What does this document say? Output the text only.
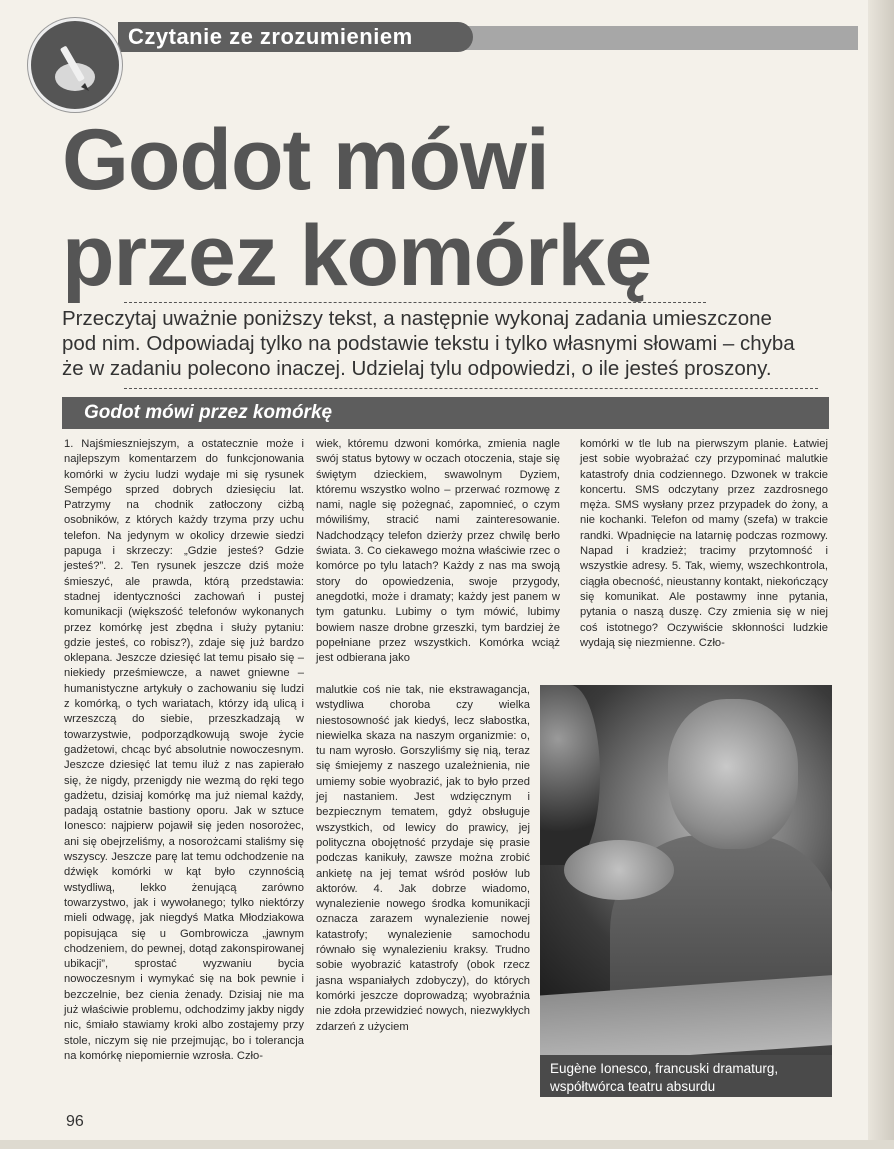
Czytanie ze zrozumieniem
Godot mówi
przez komórkę
Przeczytaj uważnie poniższy tekst, a następnie wykonaj zadania umieszczone pod nim. Odpowiadaj tylko na podstawie tekstu i tylko własnymi słowami – chyba że w zadaniu polecono inaczej. Udzielaj tylu odpowiedzi, o ile jesteś proszony.
Godot mówi przez komórkę
1. Najśmieszniejszym, a ostatecznie może i najlepszym komentarzem do funkcjonowania komórki w życiu ludzi wydaje mi się rysunek Sempégo sprzed dobrych dziesięciu lat. Patrzymy na chodnik zatłoczony ciżbą osobników, z których każdy trzyma przy uchu telefon. Na jedynym w okolicy drzewie siedzi papuga i skrzeczy: „Gdzie jesteś? Gdzie jesteś?”. 2. Ten rysunek jeszcze dziś może śmieszyć, ale prawda, którą przedstawia: stadnej identyczności zachowań i pustej komunikacji (większość telefonów wykonanych przez komórkę jest zbędna i służy pytaniu: gdzie jesteś, co robisz?), zdaje się już bardzo oklepana. Jeszcze dziesięć lat temu pisało się – niekiedy prześmiewcze, a nawet gniewne – humanistyczne artykuły o zachowaniu się ludzi z komórką, o tych wariatach, którzy idą ulicą i wrzeszczą do siebie, przeszkadzają w towarzystwie, podporządkowują swoje życie gadżetowi, chcąc być absolutnie nowoczesnym. Jeszcze dziesięć lat temu iluż z nas zapierało się, że nigdy, przenigdy nie wezmą do ręki tego gadżetu, dzisiaj komórkę ma już niemal każdy, padają ostatnie bastiony oporu. Jak w sztuce Ionesco: najpierw pojawił się jeden nosorożec, ani się obejrzeliśmy, a nosorożcami staliśmy się wszyscy. Jeszcze parę lat temu odchodzenie na dźwięk komórki w kąt było czynnością wstydliwą, lekko żenującą zarówno towarzystwo, jak i wywołanego; tylko niektórzy mieli odwagę, jak niegdyś Matka Młodziakowa popisująca się u Gombrowicza „jawnym chodzeniem, do pewnej, dotąd zakonspirowanej ubikacji”, sprostać wyzwaniu bycia nowoczesnym i wymykać się na bok pewnie i bezczelnie, bez cienia żenady. Dzisiaj nie ma już właściwie problemu, odchodzimy jakby nigdy nic, śmiało stawiamy kroki albo zostajemy przy stole, niczym się nie przejmując, bo i tolerancja na komórkę niepomiernie wzrosła. Czło-
wiek, któremu dzwoni komórka, zmienia nagle swój status bytowy w oczach otoczenia, staje się świętym dzieckiem, swawolnym Dyziem, któremu wszystko wolno – przerwać rozmowę z nami, nagle się pożegnać, zapomnieć, o czym mówiliśmy, stracić nami zainteresowanie. Nadchodzący telefon dzierży przez chwilę berło świata. 3. Co ciekawego można właściwie rzec o komórce po tylu latach? Każdy z nas ma swoją story do opowiedzenia, swoje przygody, anegdotki, może i dramaty; każdy jest panem w tym gatunku. Lubimy o tym mówić, lubimy bowiem nasze drobne grzeszki, tym bardziej że popełniane przez wszystkich. Komórka wciąż jest odbierana jako
malutkie coś nie tak, nie ekstrawagancja, wstydliwa choroba czy wielka niestosowność jak kiedyś, lecz słabostka, niewielka skaza na naszym organizmie: o, tu nam wyrosło. Gorszyliśmy się nią, teraz się śmiejemy z naszego uzależnienia, nie umiemy sobie wyobrazić, jak to było przed jej nastaniem. Jest wdzięcznym i bezpiecznym tematem, gdyż obsługuje wszystkich, od lewicy do prawicy, jej polityczna obojętność przydaje się prasie podczas kanikuły, zawsze można zrobić ankietę na jej temat wśród posłów lub aktorów. 4. Jak dobrze wiadomo, wynalezienie nowego środka komunikacji oznacza zarazem wynalezienie nowej katastrofy; wynalezienie samochodu równało się wynalezieniu kraksy. Trudno sobie wyobrazić katastrofy (obok rzecz jasna wspaniałych zdobyczy), do których komórki jeszcze doprowadzą; wyobraźnia nie zdoła przewidzieć nowych, niezwykłych zdarzeń z użyciem
komórki w tle lub na pierwszym planie. Łatwiej jest sobie wyobrażać czy przypominać malutkie katastrofy dnia codziennego. Dzwonek w trakcie koncertu. SMS odczytany przez zazdrosnego męża. SMS wysłany przez przypadek do żony, a nie kochanki. Telefon od mamy (szefa) w trakcie randki. Wpadnięcie na latarnię podczas rozmowy. Napad i kradzież; tracimy przytomność i wszystkie adresy. 5. Tak, wiemy, wszechkontrola, ciągła obecność, nieustanny kontakt, niekończący się komunikat. Ale postawmy inne pytania, pytania o naszą duszę. Czy zmienia się w niej coś istotnego? Oczywiście skłonności ludzkie wydają się niezmienne. Czło-
Eugène Ionesco, francuski dramaturg, współtwórca teatru absurdu
96
